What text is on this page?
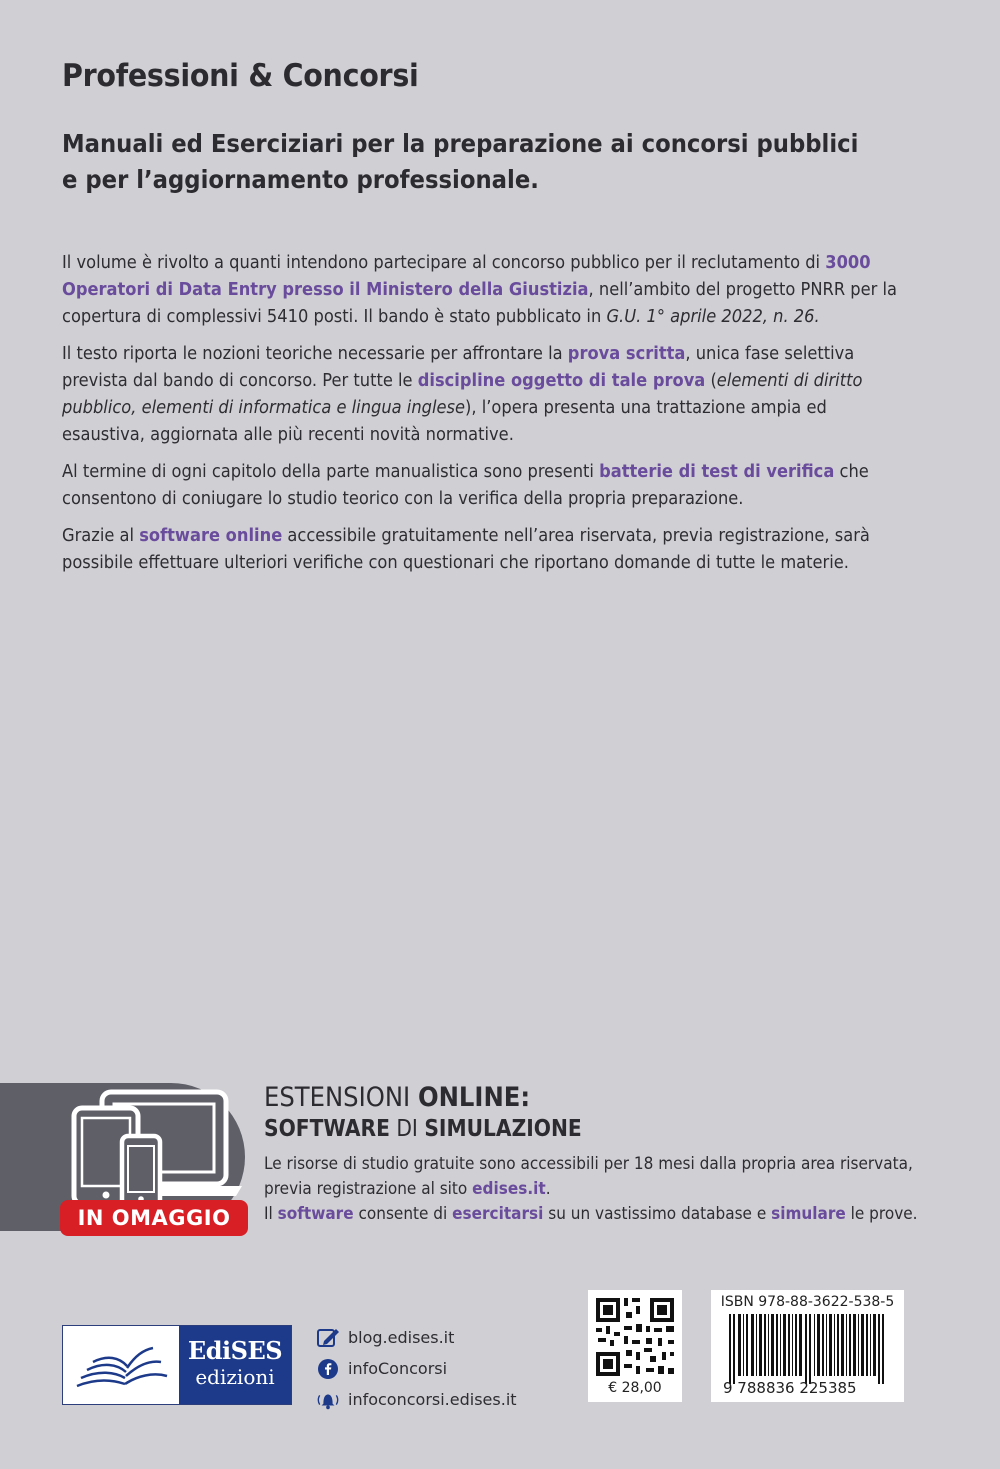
Professioni & Concorsi
Manuali ed Eserciziari per la preparazione ai concorsi pubblici
e per l’aggiornamento professionale.

Il volume è rivolto a quanti intendono partecipare al concorso pubblico per il reclutamento di 3000
Operatori di Data Entry presso il Ministero della Giustizia, nell’ambito del progetto PNRR per la
copertura di complessivi 5410 posti. Il bando è stato pubblicato in G.U. 1° aprile 2022, n. 26.

Il testo riporta le nozioni teoriche necessarie per affrontare la prova scritta, unica fase selettiva
prevista dal bando di concorso. Per tutte le discipline oggetto di tale prova (elementi di diritto
pubblico, elementi di informatica e lingua inglese), l’opera presenta una trattazione ampia ed
esaustiva, aggiornata alle più recenti novità normative.

Al termine di ogni capitolo della parte manualistica sono presenti batterie di test di verifica che
consentono di coniugare lo studio teorico con la verifica della propria preparazione.

Grazie al software online accessibile gratuitamente nell’area riservata, previa registrazione, sarà
possibile effettuare ulteriori verifiche con questionari che riportano domande di tutte le materie.

IN OMAGGIO
ESTENSIONI ONLINE:
SOFTWARE DI SIMULAZIONE
Le risorse di studio gratuite sono accessibili per 18 mesi dalla propria area riservata,
previa registrazione al sito edises.it.
Il software consente di esercitarsi su un vastissimo database e simulare le prove.
EdiSES
edizioni
blog.edises.it
infoConcorsi
infoconcorsi.edises.it
€ 28,00
ISBN 978-88-3622-538-5
9 788836 225385
